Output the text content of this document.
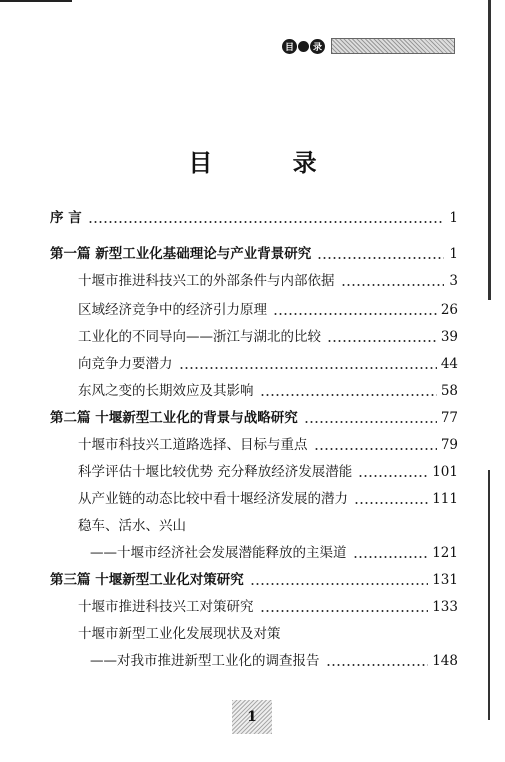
目	录
目 录
序 言	1
第一篇 新型工业化基础理论与产业背景研究	1
十堰市推进科技兴工的外部条件与内部依据	3
区域经济竞争中的经济引力原理	26
工业化的不同导向——浙江与湖北的比较	39
向竞争力要潜力	44
东风之变的长期效应及其影响	58
第二篇 十堰新型工业化的背景与战略研究	77
十堰市科技兴工道路选择、目标与重点	79
科学评估十堰比较优势 充分释放经济发展潜能	101
从产业链的动态比较中看十堰经济发展的潜力	111
稳车、活水、兴山
——十堰市经济社会发展潜能释放的主渠道	121
第三篇 十堰新型工业化对策研究	131
十堰市推进科技兴工对策研究	133
十堰市新型工业化发展现状及对策
——对我市推进新型工业化的调查报告	148
1
